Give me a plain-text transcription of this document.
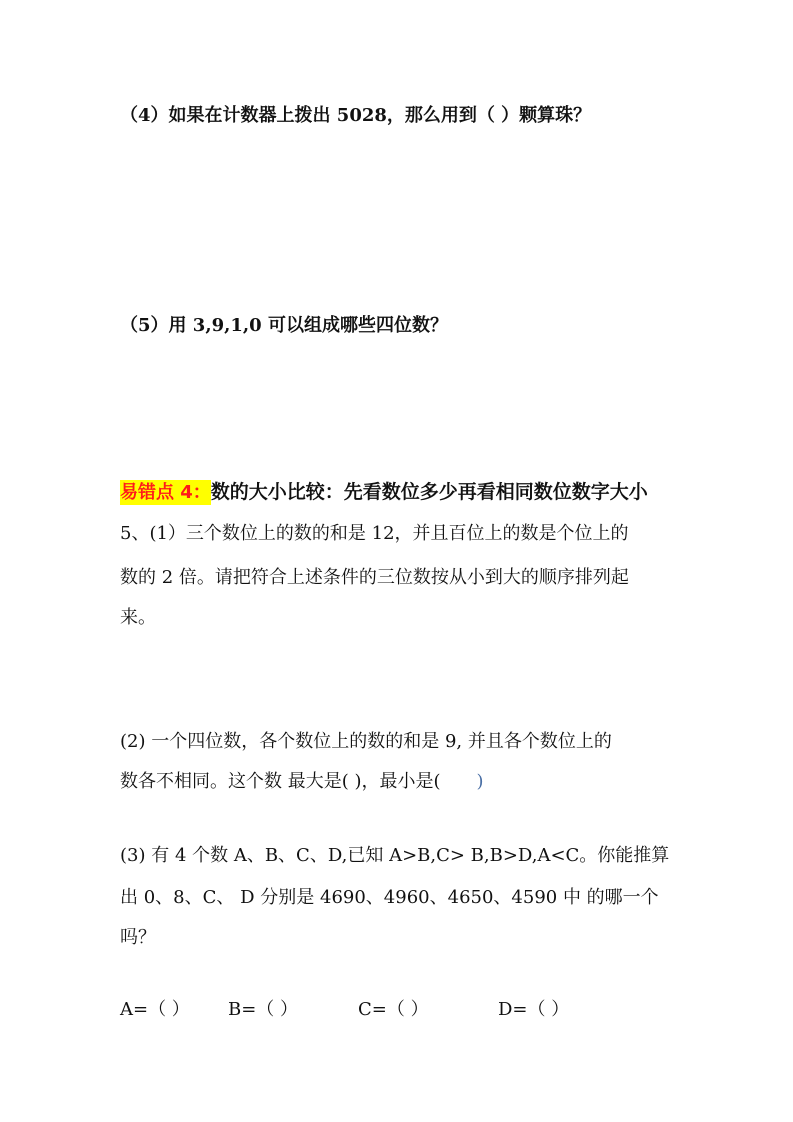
（4）如果在计数器上拨出 5028，那么用到（ ）颗算珠？
（5）用 3,9,1,0 可以组成哪些四位数？
易错点 4：数的大小比较：先看数位多少再看相同数位数字大小
5、(1）三个数位上的数的和是 12，并且百位上的数是个位上的
数的 2 倍。请把符合上述条件的三位数按从小到大的顺序排列起
来。
(2) 一个四位数，各个数位上的数的和是 9, 并且各个数位上的
数各不相同。这个数 最大是( )，最小是( )
(3) 有 4 个数 A、B、C、D,已知 A>B,C> B,B>D,A<C。你能推算
出 0、8、C、 D 分别是 4690、4960、4650、4590 中 的哪一个
吗？
A=（ ） B=（ ）	C=（ ）	D=（ ）
